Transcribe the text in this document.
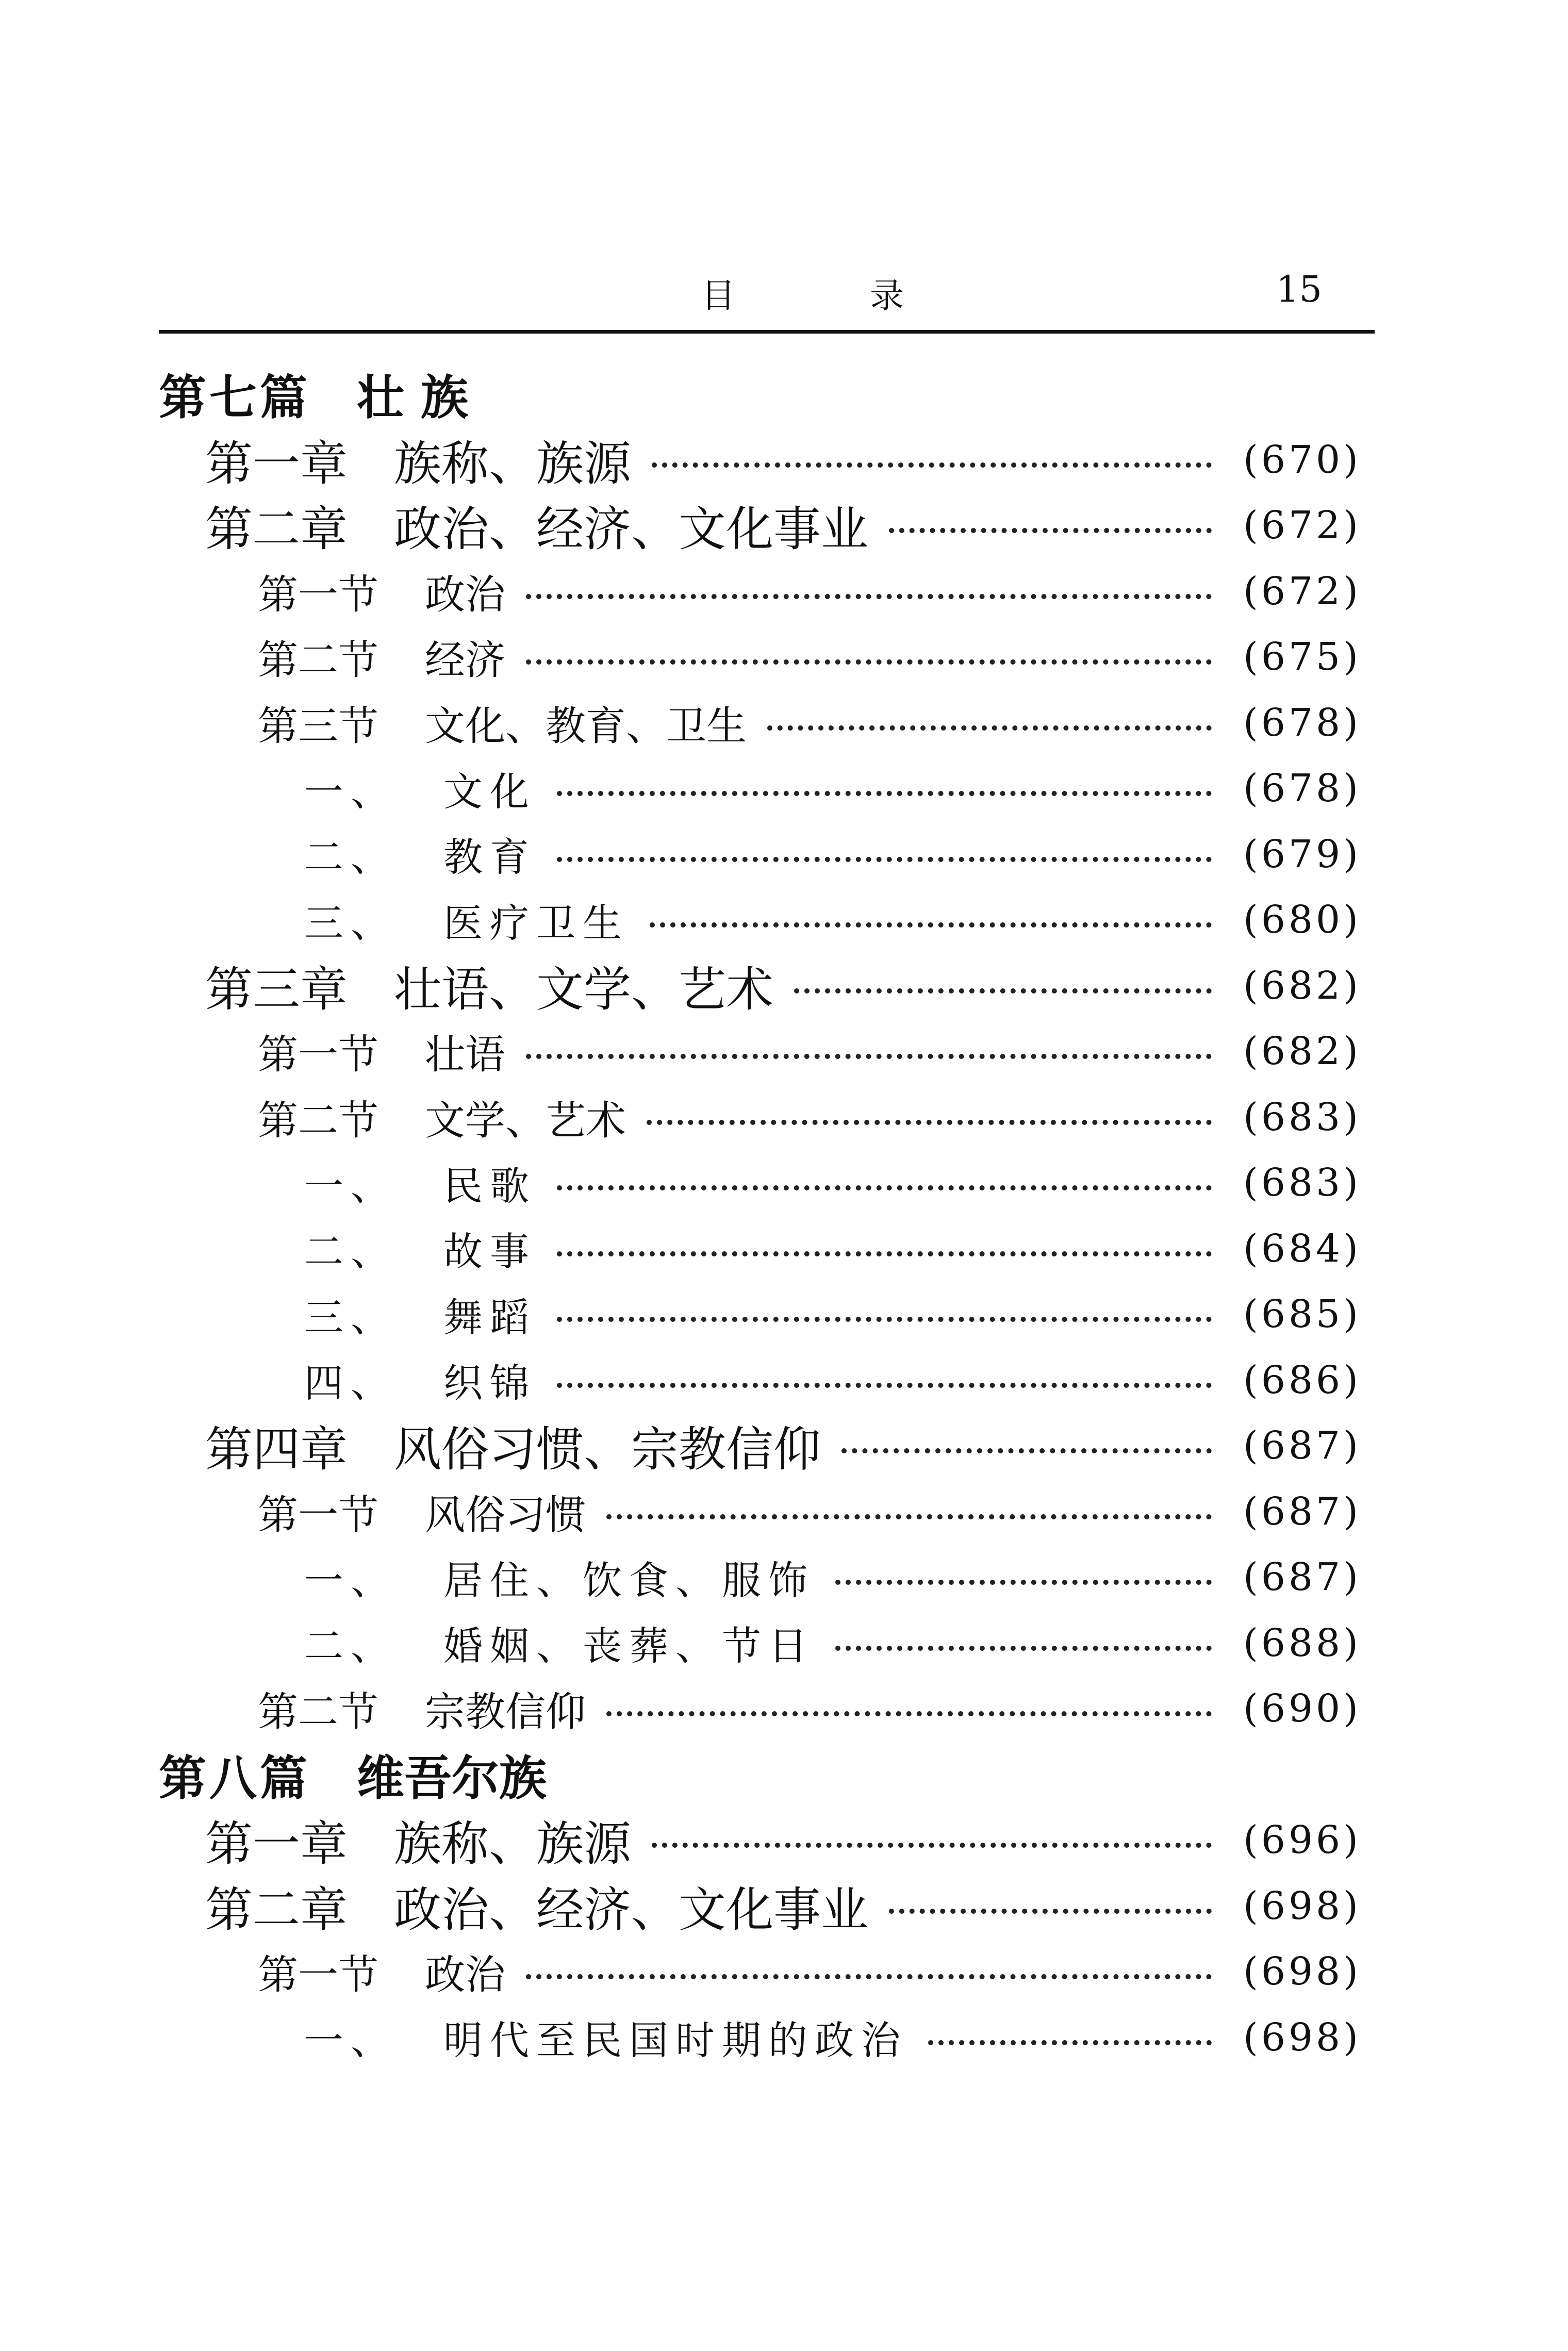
目 录	15
第七篇 壮 族
第一章 族称、族源	(670)
第二章 政治、经济、文化事业	(672)
第一节 政治	(672)
第二节 经济	(675)
第三节 文化、教育、卫生	(678)
一、 文化	(678)
二、 教育	(679)
三、 医疗卫生	(680)
第三章 壮语、文学、艺术	(682)
第一节 壮语	(682)
第二节 文学、艺术	(683)
一、 民歌	(683)
二、 故事	(684)
三、 舞蹈	(685)
四、 织锦	(686)
第四章 风俗习惯、宗教信仰	(687)
第一节 风俗习惯	(687)
一、 居住、饮食、服饰	(687)
二、 婚姻、丧葬、节日	(688)
第二节 宗教信仰	(690)
第八篇 维吾尔族
第一章 族称、族源	(696)
第二章 政治、经济、文化事业	(698)
第一节 政治	(698)
一、 明代至民国时期的政治	(698)
